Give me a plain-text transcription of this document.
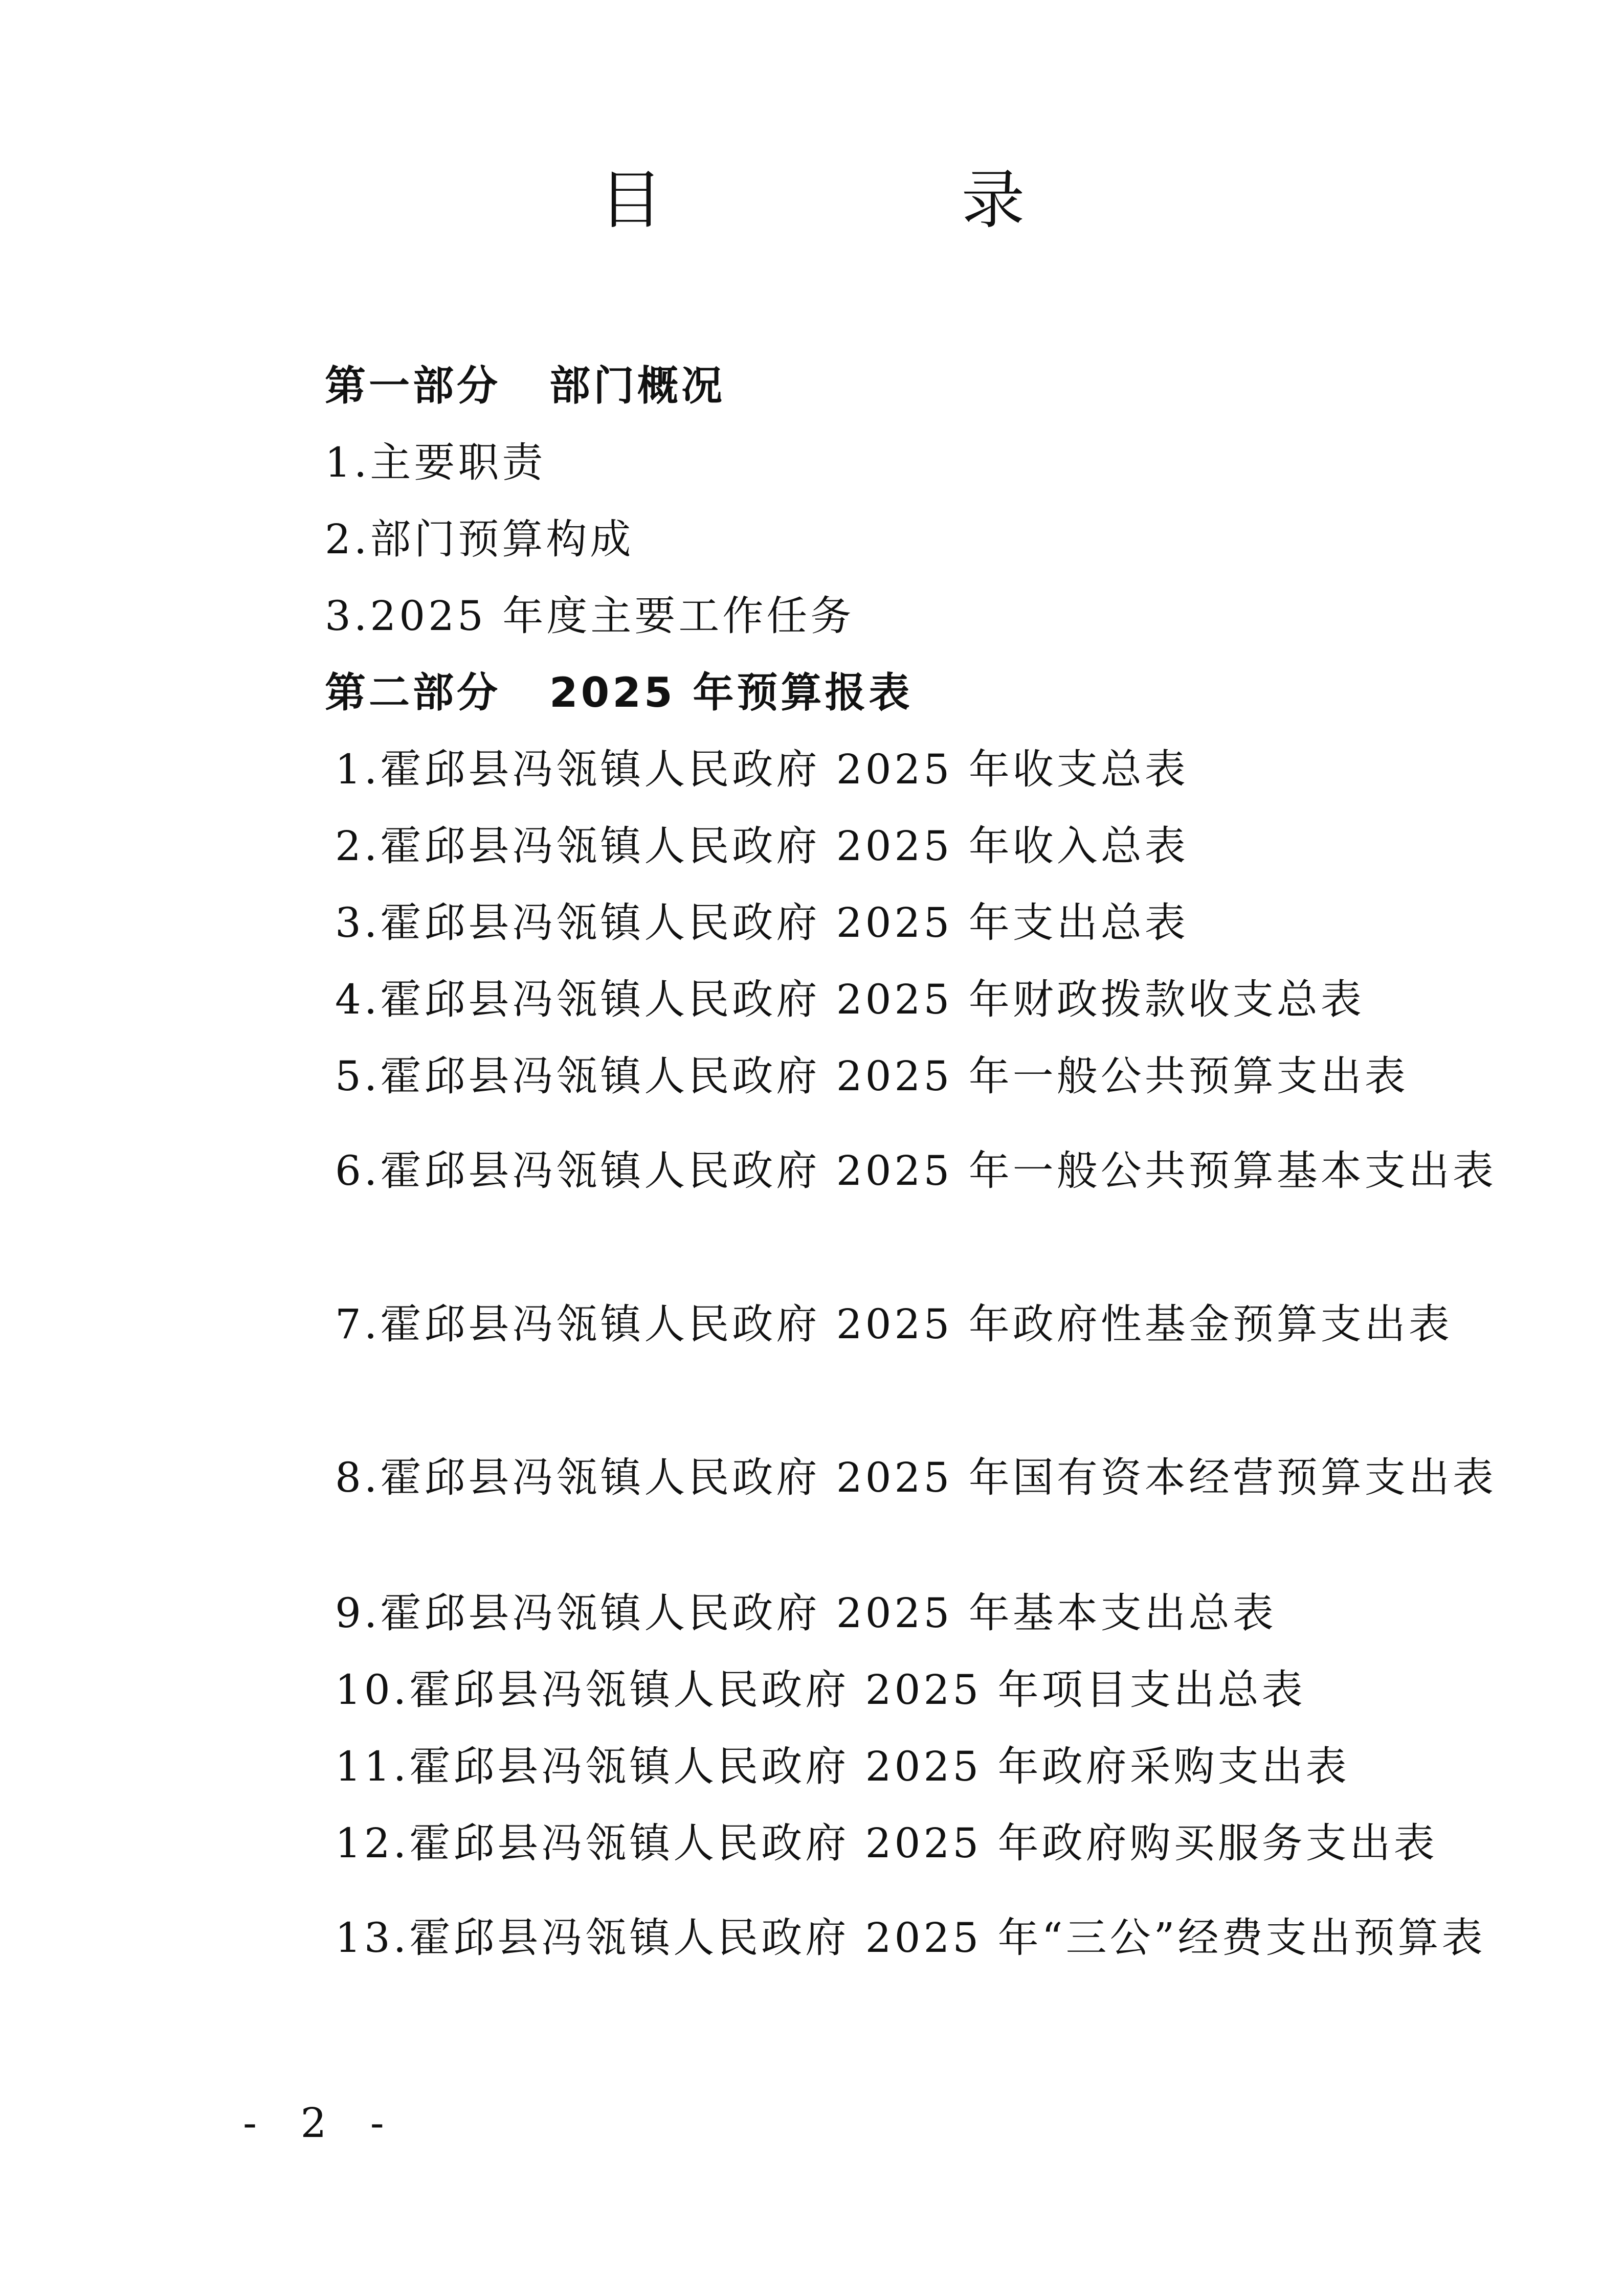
目　录
第一部分 部门概况
1.主要职责
2.部门预算构成
3.2025 年度主要工作任务
第二部分 2025 年预算报表
1.霍邱县冯瓴镇人民政府 2025 年收支总表
2.霍邱县冯瓴镇人民政府 2025 年收入总表
3.霍邱县冯瓴镇人民政府 2025 年支出总表
4.霍邱县冯瓴镇人民政府 2025 年财政拨款收支总表
5.霍邱县冯瓴镇人民政府 2025 年一般公共预算支出表
6.霍邱县冯瓴镇人民政府 2025 年一般公共预算基本支出表
7.霍邱县冯瓴镇人民政府 2025 年政府性基金预算支出表
8.霍邱县冯瓴镇人民政府 2025 年国有资本经营预算支出表
9.霍邱县冯瓴镇人民政府 2025 年基本支出总表
10.霍邱县冯瓴镇人民政府 2025 年项目支出总表
11.霍邱县冯瓴镇人民政府 2025 年政府采购支出表
12.霍邱县冯瓴镇人民政府 2025 年政府购买服务支出表
13.霍邱县冯瓴镇人民政府 2025 年“三公”经费支出预算表
- 2 -
